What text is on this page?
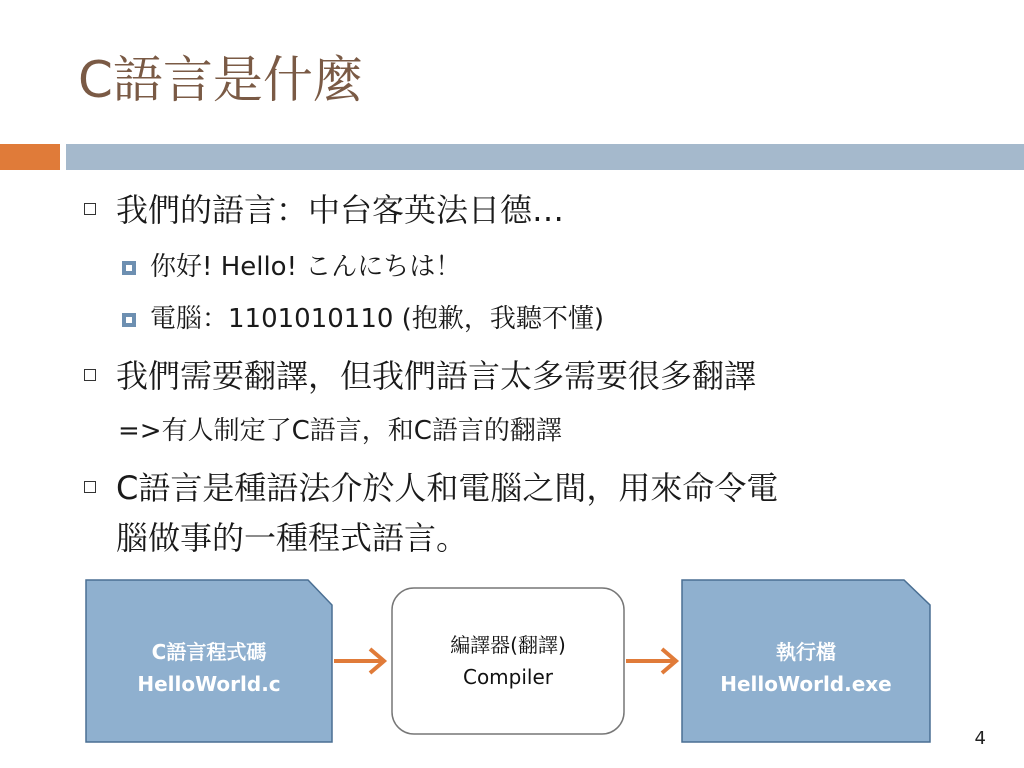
C語言是什麼
我們的語言：中台客英法日德…
你好! Hello! こんにちは！
電腦：1101010110 (抱歉，我聽不懂)
我們需要翻譯，但我們語言太多需要很多翻譯
=>有人制定了C語言，和C語言的翻譯
C語言是種語法介於人和電腦之間，用來命令電
腦做事的一種程式語言。
C語言程式碼
HelloWorld.c
編譯器(翻譯)
Compiler
執行檔
HelloWorld.exe
4
